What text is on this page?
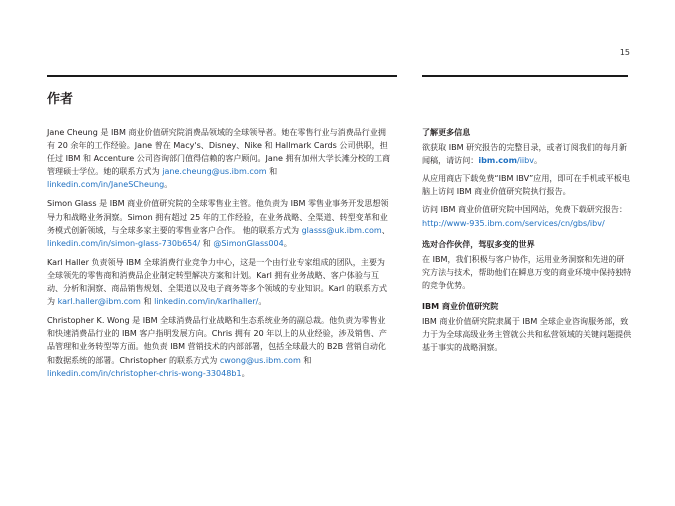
15
作者

Jane Cheung 是 IBM 商业价值研究院消费品领域的全球领导者。她在零售行业与消费品行业拥有 20 余年的工作经验。Jane 曾在 Macy's、Disney、Nike 和 Hallmark Cards 公司供职，担任过 IBM 和 Accenture 公司咨询部门值得信赖的客户顾问。Jane 拥有加州大学长滩分校的工商管理硕士学位。她的联系方式为 jane.cheung@us.ibm.com 和 linkedin.com/in/JaneSCheung。

Simon Glass 是 IBM 商业价值研究院的全球零售业主管。他负责为 IBM 零售业事务开发思想领导力和战略业务洞察。Simon 拥有超过 25 年的工作经验，在业务战略、全渠道、转型变革和业务模式创新领域，与全球多家主要的零售业客户合作。 他的联系方式为 glasss@uk.ibm.com、linkedin.com/in/simon-glass-730b654/ 和 @SimonGlass004。

Karl Haller 负责领导 IBM 全球消费行业竞争力中心，这是一个由行业专家组成的团队，主要为全球领先的零售商和消费品企业制定转型解决方案和计划。Karl 拥有业务战略、客户体验与互动、分析和洞察、商品销售规划、全渠道以及电子商务等多个领域的专业知识。Karl 的联系方式为 karl.haller@ibm.com 和 linkedin.com/in/karlhaller/。

Christopher K. Wong 是 IBM 全球消费品行业战略和生态系统业务的副总裁。他负责为零售业和快速消费品行业的 IBM 客户指明发展方向。Chris 拥有 20 年以上的从业经验，涉及销售、产品管理和业务转型等方面。他负责 IBM 营销技术的内部部署，包括全球最大的 B2B 营销自动化和数据系统的部署。Christopher 的联系方式为 cwong@us.ibm.com 和 linkedin.com/in/christopher-chris-wong-33048b1。

了解更多信息

欲获取 IBM 研究报告的完整目录，或者订阅我们的每月新闻稿，请访问：ibm.com/iibv。

从应用商店下载免费“IBM IBV”应用，即可在手机或平板电脑上访问 IBM 商业价值研究院执行报告。

访问 IBM 商业价值研究院中国网站，免费下载研究报告：http://www-935.ibm.com/services/cn/gbs/ibv/

选对合作伙伴，驾驭多变的世界

在 IBM，我们积极与客户协作，运用业务洞察和先进的研究方法与技术，帮助他们在瞬息万变的商业环境中保持独特的竞争优势。

IBM 商业价值研究院

IBM 商业价值研究院隶属于 IBM 全球企业咨询服务部，致力于为全球高级业务主管就公共和私营领域的关键问题提供基于事实的战略洞察。
